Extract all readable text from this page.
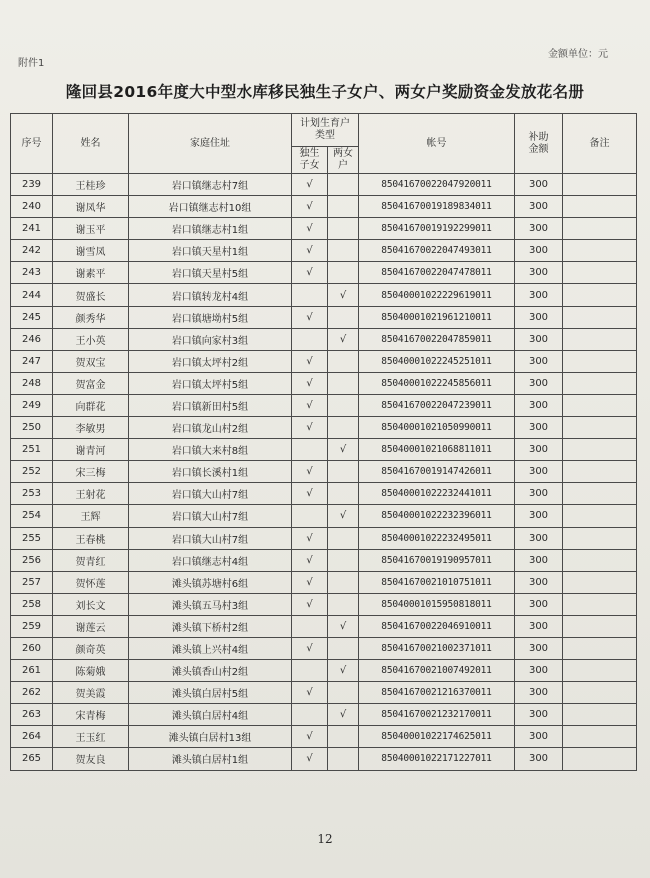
附件1
金额单位：元
隆回县2016年度大中型水库移民独生子女户、两女户奖励资金发放花名册
序号	姓名	家庭住址	计划生育户类型		帐号	补助金额	备注

			独生子女	两女户			

239	王桂珍	岩口镇继志村7组	√		85041670022047920011	300	
240	谢凤华	岩口镇继志村10组	√		85041670019189834011	300	
241	谢玉平	岩口镇继志村1组	√		85041670019192299011	300	
242	谢雪凤	岩口镇天星村1组	√		85041670022047493011	300	
243	谢素平	岩口镇天星村5组	√		85041670022047478011	300	
244	贺盛长	岩口镇转龙村4组		√	85040001022229619011	300	
245	颜秀华	岩口镇塘坳村5组	√		85040001021961210011	300	
246	王小英	岩口镇向家村3组		√	85041670022047859011	300	
247	贺双宝	岩口镇太坪村2组	√		85040001022245251011	300	
248	贺富金	岩口镇太坪村5组	√		85040001022245856011	300	
249	向群花	岩口镇新田村5组	√		85041670022047239011	300	
250	李敏男	岩口镇龙山村2组	√		85040001021050990011	300	
251	谢青河	岩口镇大来村8组		√	85040001021068811011	300	
252	宋三梅	岩口镇长溪村1组	√		85041670019147426011	300	
253	王射花	岩口镇大山村7组	√		85040001022232441011	300	
254	王辉	岩口镇大山村7组		√	85040001022232396011	300	
255	王春桃	岩口镇大山村7组	√		85040001022232495011	300	
256	贺青红	岩口镇继志村4组	√		85041670019190957011	300	
257	贺怀莲	滩头镇苏塘村6组	√		85041670021010751011	300	
258	刘长文	滩头镇五马村3组	√		85040001015950818011	300	
259	谢莲云	滩头镇下桥村2组		√	85041670022046910011	300	
260	颜奇英	滩头镇上兴村4组	√		85041670021002371011	300	
261	陈菊娥	滩头镇香山村2组		√	85041670021007492011	300	
262	贺美霞	滩头镇白居村5组	√		85041670021216370011	300	
263	宋青梅	滩头镇白居村4组		√	85041670021232170011	300	
264	王玉红	滩头镇白居村13组	√		85040001022174625011	300	
265	贺友良	滩头镇白居村1组	√		85040001022171227011	300	
12
